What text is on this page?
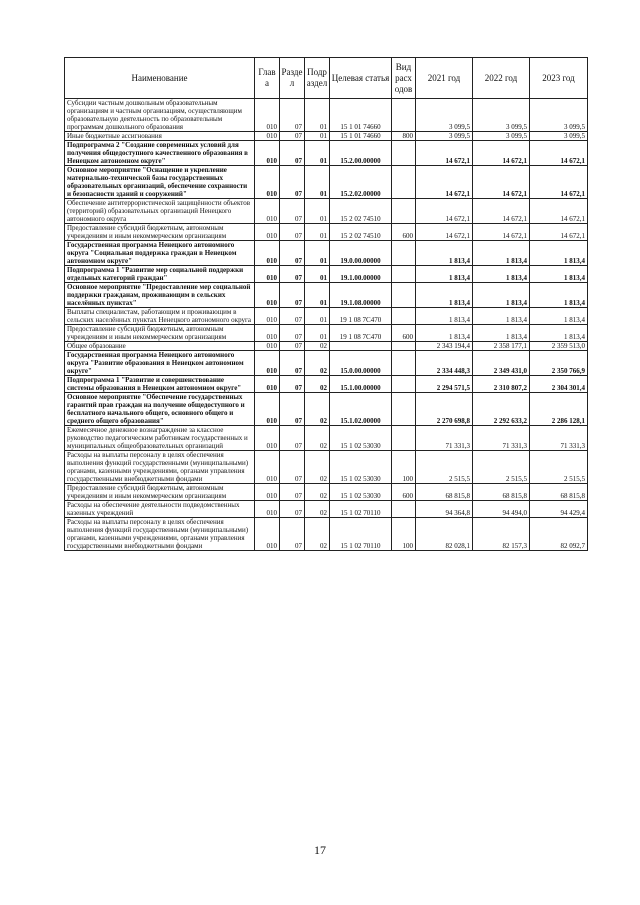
Наименование	Глав а	Разде л	Подр аздел	Целевая статья	Вид расх одов	2021 год	2022 год	2023 год
Субсидии частным дошкольным образовательным организациям и частным организациям, осуществляющим образовательную деятельность по образовательным программам дошкольного образования	010	07	01	15 1 01 74660		3 099,5	3 099,5	3 099,5
Иные бюджетные ассигнования	010	07	01	15 1 01 74660	800	3 099,5	3 099,5	3 099,5
Подпрограмма 2 "Создание современных условий для получения общедоступного качественного образования в Ненецком автономном округе"	010	07	01	15.2.00.00000		14 672,1	14 672,1	14 672,1
Основное мероприятие "Оснащение и укрепление материально-технической базы государственных образовательных организаций, обеспечение сохранности и безопасности зданий и сооружений"	010	07	01	15.2.02.00000		14 672,1	14 672,1	14 672,1
Обеспечение антитеррористической защищённости объектов (территорий) образовательных организаций Ненецкого автономного округа	010	07	01	15 2 02 74510		14 672,1	14 672,1	14 672,1
Предоставление субсидий бюджетным, автономным учреждениям и иным некоммерческим организациям	010	07	01	15 2 02 74510	600	14 672,1	14 672,1	14 672,1
Государственная программа Ненецкого автономного округа "Социальная поддержка граждан в Ненецком автономном округе"	010	07	01	19.0.00.00000		1 813,4	1 813,4	1 813,4
Подпрограмма 1 "Развитие мер социальной поддержки отдельных категорий граждан"	010	07	01	19.1.00.00000		1 813,4	1 813,4	1 813,4
Основное мероприятие "Предоставление мер социальной поддержки гражданам, проживающим в сельских населённых пунктах"	010	07	01	19.1.08.00000		1 813,4	1 813,4	1 813,4
Выплаты специалистам, работающим и проживающим в сельских населённых пунктах Ненецкого автономного округа	010	07	01	19 1 08 7С470		1 813,4	1 813,4	1 813,4
Предоставление субсидий бюджетным, автономным учреждениям и иным некоммерческим организациям	010	07	01	19 1 08 7С470	600	1 813,4	1 813,4	1 813,4
Общее образование	010	07	02			2 343 194,4	2 358 177,1	2 359 513,0
Государственная программа Ненецкого автономного округа "Развитие образования в Ненецком автономном округе"	010	07	02	15.0.00.00000		2 334 448,3	2 349 431,0	2 350 766,9
Подпрограмма 1 "Развитие и совершенствование системы образования в Ненецком автономном округе"	010	07	02	15.1.00.00000		2 294 571,5	2 310 807,2	2 304 301,4
Основное мероприятие "Обеспечение государственных гарантий прав граждан на получение общедоступного и бесплатного начального общего, основного общего и среднего общего образования"	010	07	02	15.1.02.00000		2 270 698,8	2 292 633,2	2 286 128,1
Ежемесячное денежное вознаграждение за классное руководство педагогическим работникам государственных и муниципальных общеобразовательных организаций	010	07	02	15 1 02 53030		71 331,3	71 331,3	71 331,3
Расходы на выплаты персоналу в целях обеспечения выполнения функций государственными (муниципальными) органами, казенными учреждениями, органами управления государственными внебюджетными фондами	010	07	02	15 1 02 53030	100	2 515,5	2 515,5	2 515,5
Предоставление субсидий бюджетным, автономным учреждениям и иным некоммерческим организациям	010	07	02	15 1 02 53030	600	68 815,8	68 815,8	68 815,8
Расходы на обеспечение деятельности подведомственных казенных учреждений	010	07	02	15 1 02 70110		94 364,8	94 494,0	94 429,4
Расходы на выплаты персоналу в целях обеспечения выполнения функций государственными (муниципальными) органами, казенными учреждениями, органами управления государственными внебюджетными фондами	010	07	02	15 1 02 70110	100	82 028,1	82 157,3	82 092,7
17
